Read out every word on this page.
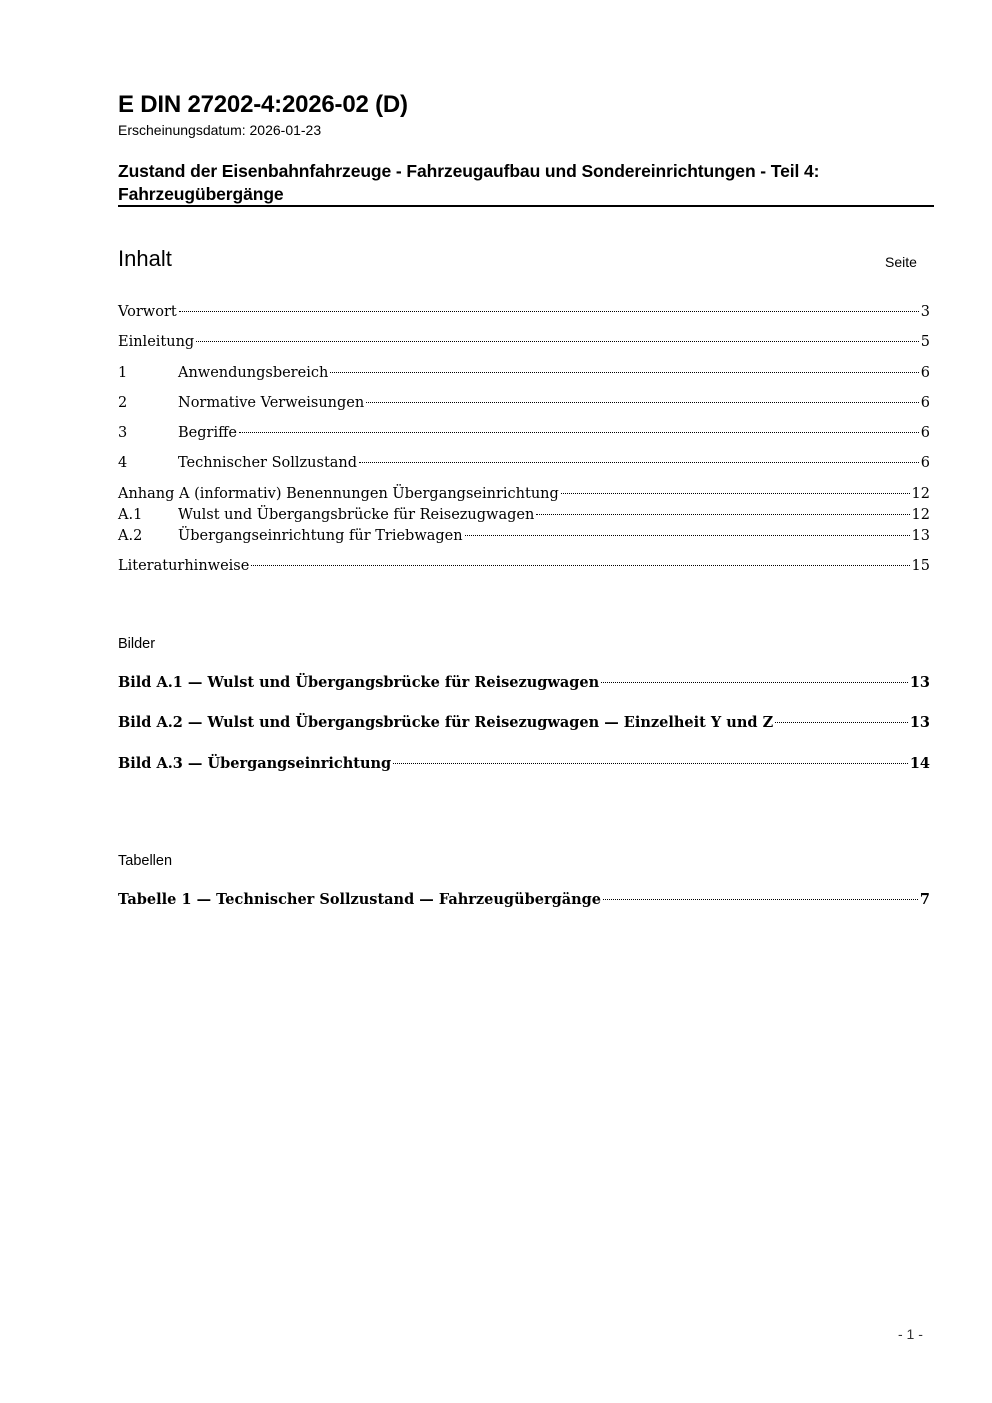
E DIN 27202-4:2026-02 (D)
Erscheinungsdatum: 2026-01-23
Zustand der Eisenbahnfahrzeuge - Fahrzeugaufbau und Sondereinrichtungen - Teil 4: Fahrzeugübergänge
Inhalt	Seite
Vorwort	3
Einleitung	5
1	Anwendungsbereich	6
2	Normative Verweisungen	6
3	Begriffe	6
4	Technischer Sollzustand	6
Anhang A (informativ) Benennungen Übergangseinrichtung	12
A.1	Wulst und Übergangsbrücke für Reisezugwagen	12
A.2	Übergangseinrichtung für Triebwagen	13
Literaturhinweise	15
Bilder
Bild A.1 — Wulst und Übergangsbrücke für Reisezugwagen	13
Bild A.2 — Wulst und Übergangsbrücke für Reisezugwagen — Einzelheit Y und Z	13
Bild A.3 — Übergangseinrichtung	14
Tabellen
Tabelle 1 — Technischer Sollzustand — Fahrzeugübergänge	7
- 1 -
